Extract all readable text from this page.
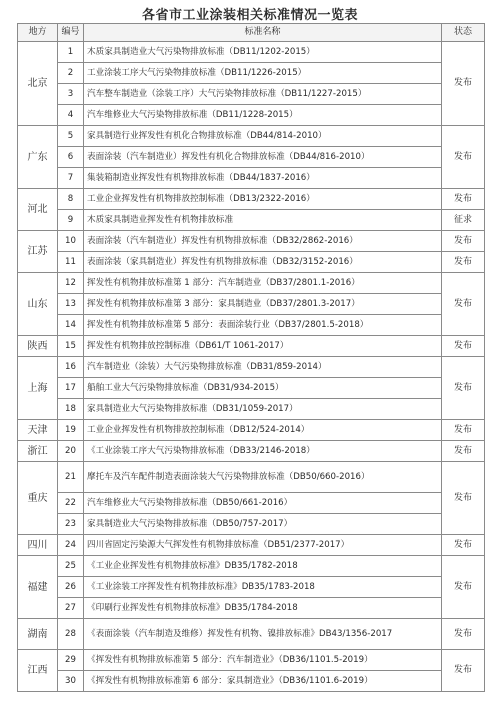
各省市工业涂装相关标准情况一览表
地方	编号	标准名称	状态
北京	1	木质家具制造业大气污染物排放标准（DB11/1202-2015）	发布
	2	工业涂装工序大气污染物排放标准（DB11/1226-2015）	
	3	汽车整车制造业（涂装工序）大气污染物排放标准（DB11/1227-2015）	
	4	汽车维修业大气污染物排放标准（DB11/1228-2015）	
广东	5	家具制造行业挥发性有机化合物排放标准（DB44/814-2010）	发布
	6	表面涂装（汽车制造业）挥发性有机化合物排放标准（DB44/816-2010）	
	7	集装箱制造业挥发性有机物排放标准（DB44/1837-2016）	
河北	8	工业企业挥发性有机物排放控制标准（DB13/2322-2016）	发布
	9	木质家具制造业挥发性有机物排放标准	征求
江苏	10	表面涂装（汽车制造业）挥发性有机物排放标准（DB32/2862-2016）	发布
	11	表面涂装（家具制造业）挥发性有机物排放标准（DB32/3152-2016）	发布
山东	12	挥发性有机物排放标准第 1 部分：汽车制造业（DB37/2801.1-2016）	发布
	13	挥发性有机物排放标准第 3 部分：家具制造业（DB37/2801.3-2017）	
	14	挥发性有机物排放标准第 5 部分：表面涂装行业（DB37/2801.5-2018）	
陕西	15	挥发性有机物排放控制标准（DB61/T 1061-2017）	发布
上海	16	汽车制造业（涂装）大气污染物排放标准（DB31/859-2014）	发布
	17	船舶工业大气污染物排放标准（DB31/934-2015）	
	18	家具制造业大气污染物排放标准（DB31/1059-2017）	
天津	19	工业企业挥发性有机物排放控制标准（DB12/524-2014）	发布
浙江	20	《工业涂装工序大气污染物排放标准（DB33/2146-2018）	发布
重庆	21	摩托车及汽车配件制造表面涂装大气污染物排放标准（DB50/660-2016）	发布
	22	汽车维修业大气污染物排放标准（DB50/661-2016）	
	23	家具制造业大气污染物排放标准（DB50/757-2017）	
四川	24	四川省固定污染源大气挥发性有机物排放标准（DB51/2377-2017）	发布
福建	25	《工业企业挥发性有机物排放标准》DB35/1782-2018	发布
	26	《工业涂装工序挥发性有机物排放标准》DB35/1783-2018	
	27	《印刷行业挥发性有机物排放标准》DB35/1784-2018	
湖南	28	《表面涂装（汽车制造及维修）挥发性有机物、镍排放标准》DB43/1356-2017	发布
江西	29	《挥发性有机物排放标准第 5 部分：汽车制造业》（DB36/1101.5-2019）	发布
	30	《挥发性有机物排放标准第 6 部分：家具制造业》（DB36/1101.6-2019）	
